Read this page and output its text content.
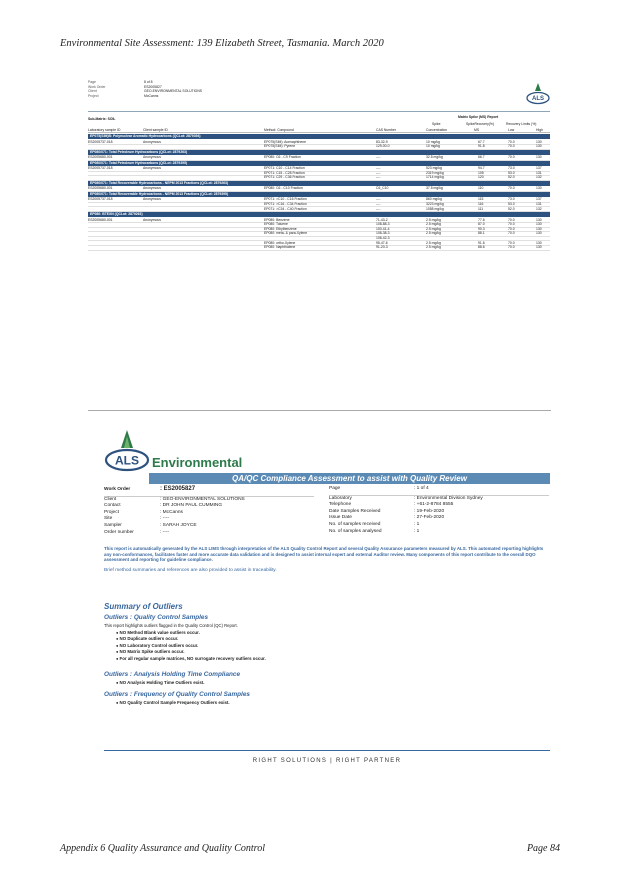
Environmental Site Assessment: 139 Elizabeth Street, Tasmania. March 2020
Appendix 6 Quality Assurance and Quality Control	Page 84
Page	8 of 8
Work Order	ES2005827
Client	GEO-ENVIRONMENTAL SOLUTIONS
Project	McCanns
ALS
Sub-Matrix: SOIL	Matrix Spike (MS) Report
Spike	SpikeRecovery(%)	Recovery Limits (%)
Laboratory sample ID	Client sample ID	Method: Compound	CAS Number	Concentration	MS	Low	High
EP075(SIM)B: Polynuclear Aromatic Hydrocarbons (QCLot: 2879394)
ES2005737-018	Anonymous	EP075(SIM): Acenaphthene	83-32-9	10 mg/kg	67.7	70.0	130
EP075(SIM): Pyrene	129-00-0	10 mg/kg	91.8	70.0	130
EP080/071: Total Petroleum Hydrocarbons (QCLot: 2879263)
ES2005680-001	Anonymous	EP080: C6 - C9 Fraction	----	32.5 mg/kg	66.7	70.0	130
EP080/071: Total Petroleum Hydrocarbons (QCLot: 2879395)
ES2005737-018	Anonymous	EP071: C10 - C14 Fraction	----	523 mg/kg	94.7	73.0	137
EP071: C15 - C28 Fraction	----	2319 mg/kg	105	53.0	131
EP071: C29 - C36 Fraction	----	1714 mg/kg	120	52.0	132
EP080/071: Total Recoverable Hydrocarbons - NEPM 2013 Fractions (QCLot: 2879263)
ES2005680-001	Anonymous	EP080: C6 - C10 Fraction	C6_C10	37.5 mg/kg	110	70.0	130
EP080/071: Total Recoverable Hydrocarbons - NEPM 2013 Fractions (QCLot: 2879395)
ES2005737-018	Anonymous	EP071: >C10 - C16 Fraction	----	860 mg/kg	115	73.0	137
EP071: >C16 - C34 Fraction	----	3223 mg/kg	116	53.0	131
EP071: >C34 - C40 Fraction	----	1058 mg/kg	111	52.0	132
EP080: BTEXN (QCLot: 2879263)
ES2005680-001	Anonymous	EP080: Benzene	71-43-2	2.5 mg/kg	77.6	70.0	130
EP080: Toluene	108-88-3	2.5 mg/kg	87.0	70.0	130
EP080: Ethylbenzene	100-41-4	2.5 mg/kg	90.3	70.0	130
EP080: meta- & para-Xylene	108-38-3	2.5 mg/kg	88.1	70.0	130
106-42-3
EP080: ortho-Xylene	95-47-6	2.5 mg/kg	91.6	70.0	130
EP080: Naphthalene	91-20-3	2.5 mg/kg	88.6	70.0	130
ALS Environmental
QA/QC Compliance Assessment to assist with Quality Review
Work Order	: ES2005827
Client	: GEO-ENVIRONMENTAL SOLUTIONS
Contact	: DR JOHN PAUL CUMMING
Project	: McCanns
Site	: ----
Sampler	: SARAH JOYCE
Order number	: ----
Page	: 1 of 4
Laboratory	: Environmental Division Sydney
Telephone	: +61-2-8784 8555
Date Samples Received	: 19-Feb-2020
Issue Date	: 27-Feb-2020
No. of samples received	: 1
No. of samples analysed	: 1
This report is automatically generated by the ALS LIMS through interpretation of the ALS Quality Control Report and several Quality Assurance parameters measured by ALS. This automated reporting highlights any non-conformances, facilitates faster and more accurate data validation and is designed to assist internal expert and external Auditor review. Many components of this report contribute to the overall DQO assessment and reporting for guideline compliance.
Brief method summaries and references are also provided to assist in traceability.
Summary of Outliers
Outliers : Quality Control Samples
This report highlights outliers flagged in the Quality Control (QC) Report.
● NO Method Blank value outliers occur.
● NO Duplicate outliers occur.
● NO Laboratory Control outliers occur.
● NO Matrix Spike outliers occur.
● For all regular sample matrices, NO surrogate recovery outliers occur.
Outliers : Analysis Holding Time Compliance
● NO Analysis Holding Time Outliers exist.
Outliers : Frequency of Quality Control Samples
● NO Quality Control Sample Frequency Outliers exist.
RIGHT SOLUTIONS | RIGHT PARTNER
